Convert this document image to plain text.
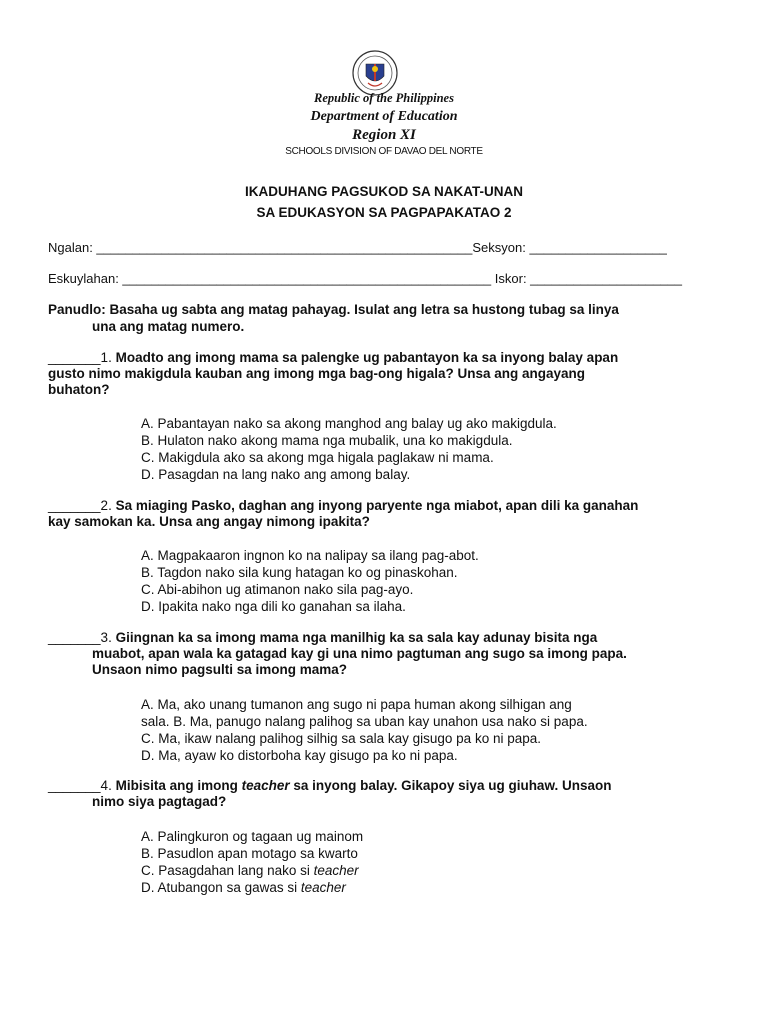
Republic of the Philippines
Department of Education
Region XI
SCHOOLS DIVISION OF DAVAO DEL NORTE
IKADUHANG PAGSUKOD SA NAKAT-UNAN
SA EDUKASYON SA PAGPAPAKATAO 2
Ngalan: ____________________________________________________Seksyon: ___________________
Eskuylahan: ___________________________________________________ Iskor: _____________________
Panudlo: Basaha ug sabta ang matag pahayag. Isulat ang letra sa hustong tubag sa linya
una ang matag numero.
_______1. Moadto ang imong mama sa palengke ug pabantayon ka sa inyong balay apan
gusto nimo makigdula kauban ang imong mga bag-ong higala? Unsa ang angayang
buhaton?
A. Pabantayan nako sa akong manghod ang balay ug ako makigdula.
B. Hulaton nako akong mama nga mubalik, una ko makigdula.
C. Makigdula ako sa akong mga higala paglakaw ni mama.
D. Pasagdan na lang nako ang among balay.
_______2. Sa miaging Pasko, daghan ang inyong paryente nga miabot, apan dili ka ganahan
kay samokan ka. Unsa ang angay nimong ipakita?
A. Magpakaaron ingnon ko na nalipay sa ilang pag-abot.
B. Tagdon nako sila kung hatagan ko og pinaskohan.
C. Abi-abihon ug atimanon nako sila pag-ayo.
D. Ipakita nako nga dili ko ganahan sa ilaha.
_______3. Giingnan ka sa imong mama nga manilhig ka sa sala kay adunay bisita nga
muabot, apan wala ka gatagad kay gi una nimo pagtuman ang sugo sa imong papa.
Unsaon nimo pagsulti sa imong mama?
A. Ma, ako unang tumanon ang sugo ni papa human akong silhigan ang
sala. B. Ma, panugo nalang palihog sa uban kay unahon usa nako si papa.
C. Ma, ikaw nalang palihog silhig sa sala kay gisugo pa ko ni papa.
D. Ma, ayaw ko distorboha kay gisugo pa ko ni papa.
_______4. Mibisita ang imong teacher sa inyong balay. Gikapoy siya ug giuhaw. Unsaon
nimo siya pagtagad?
A. Palingkuron og tagaan ug mainom
B. Pasudlon apan motago sa kwarto
C. Pasagdahan lang nako si teacher
D. Atubangon sa gawas si teacher
